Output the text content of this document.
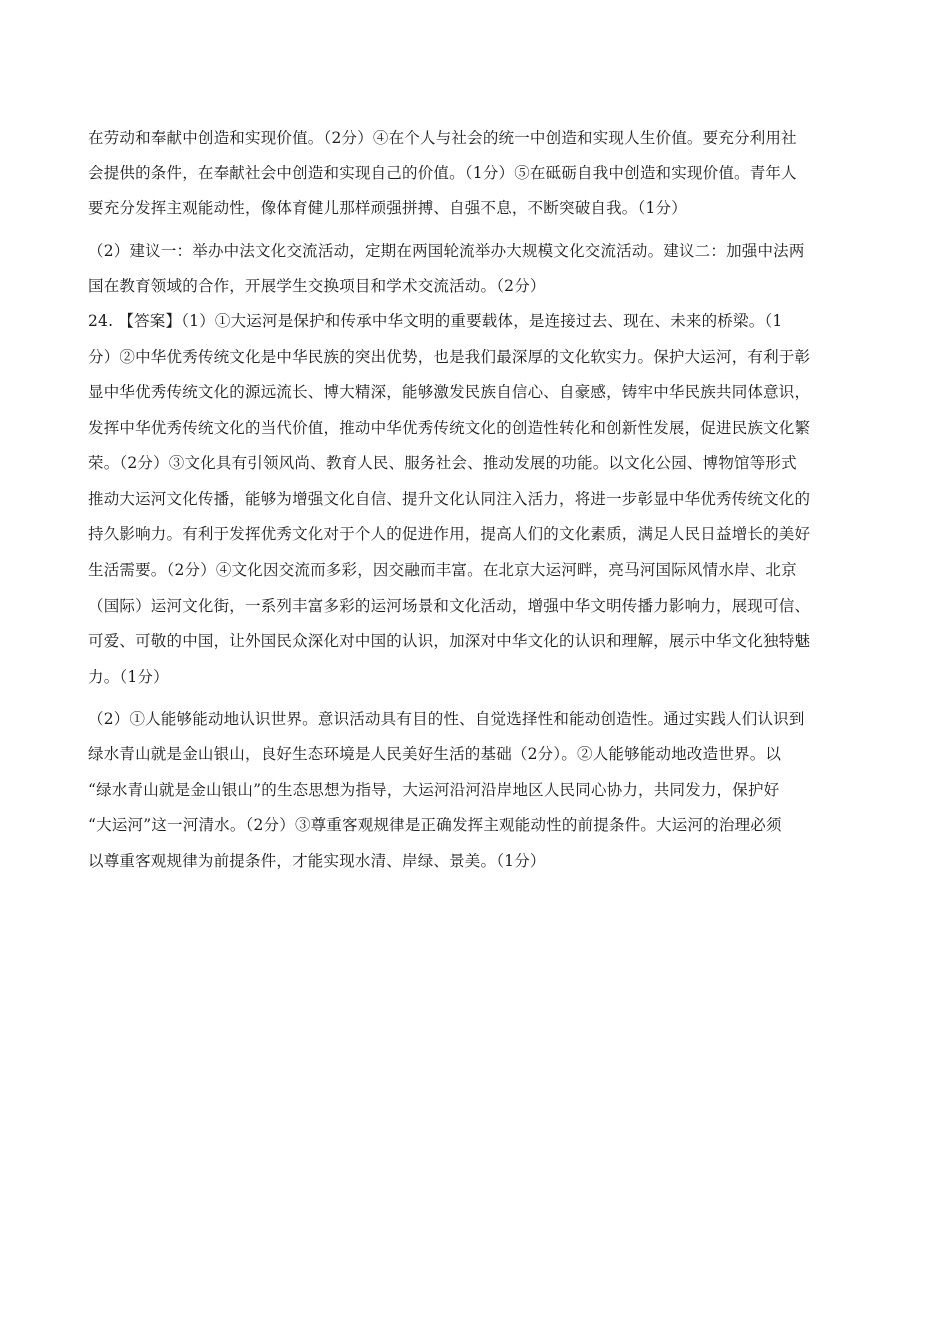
在劳动和奉献中创造和实现价值。（2分）④在个人与社会的统一中创造和实现人生价值。要充分利用社
会提供的条件，在奉献社会中创造和实现自己的价值。（1分）⑤在砥砺自我中创造和实现价值。青年人
要充分发挥主观能动性，像体育健儿那样顽强拼搏、自强不息，不断突破自我。（1分）
（2）建议一：举办中法文化交流活动，定期在两国轮流举办大规模文化交流活动。建议二：加强中法两
国在教育领域的合作，开展学生交换项目和学术交流活动。（2分）
24. 【答案】（1）①大运河是保护和传承中华文明的重要载体，是连接过去、现在、未来的桥梁。（1
分）②中华优秀传统文化是中华民族的突出优势，也是我们最深厚的文化软实力。保护大运河，有利于彰
显中华优秀传统文化的源远流长、博大精深，能够激发民族自信心、自豪感，铸牢中华民族共同体意识，
发挥中华优秀传统文化的当代价值，推动中华优秀传统文化的创造性转化和创新性发展，促进民族文化繁
荣。（2分）③文化具有引领风尚、教育人民、服务社会、推动发展的功能。以文化公园、博物馆等形式
推动大运河文化传播，能够为增强文化自信、提升文化认同注入活力，将进一步彰显中华优秀传统文化的
持久影响力。有利于发挥优秀文化对于个人的促进作用，提高人们的文化素质，满足人民日益增长的美好
生活需要。（2分）④文化因交流而多彩，因交融而丰富。在北京大运河畔，亮马河国际风情水岸、北京
（国际）运河文化街，一系列丰富多彩的运河场景和文化活动，增强中华文明传播力影响力，展现可信、
可爱、可敬的中国，让外国民众深化对中国的认识，加深对中华文化的认识和理解，展示中华文化独特魅
力。（1分）
（2）①人能够能动地认识世界。意识活动具有目的性、自觉选择性和能动创造性。通过实践人们认识到
绿水青山就是金山银山，良好生态环境是人民美好生活的基础（2分）。②人能够能动地改造世界。以
“绿水青山就是金山银山”的生态思想为指导，大运河沿河沿岸地区人民同心协力，共同发力，保护好
“大运河”这一河清水。（2分）③尊重客观规律是正确发挥主观能动性的前提条件。大运河的治理必须
以尊重客观规律为前提条件，才能实现水清、岸绿、景美。（1分）
